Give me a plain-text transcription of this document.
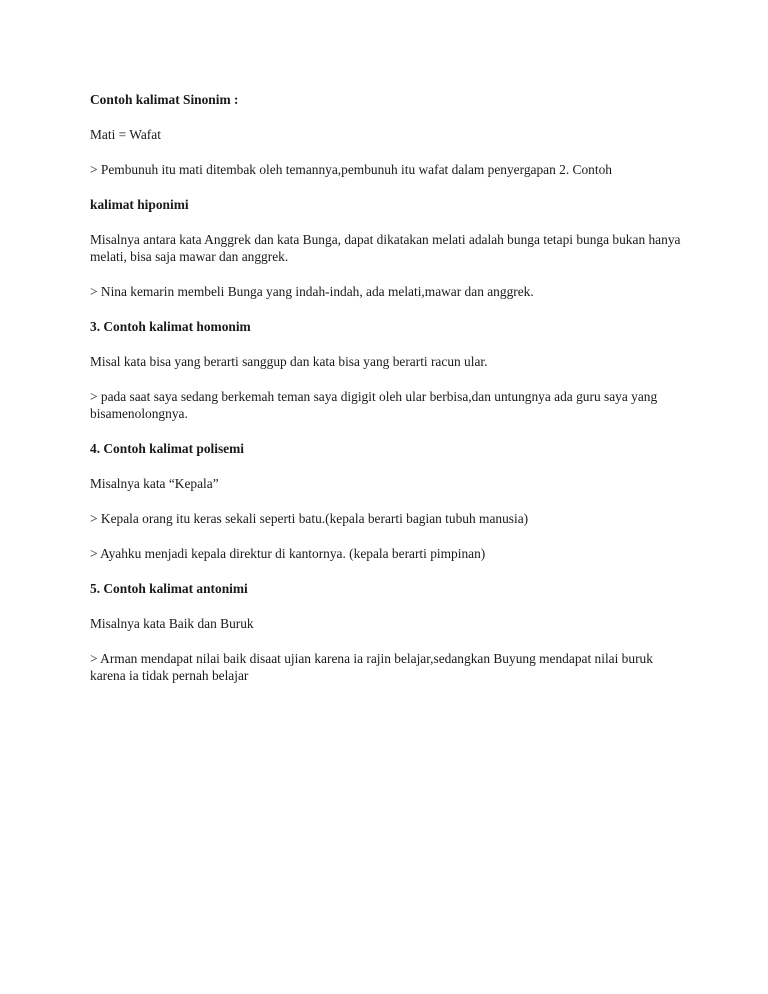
Contoh kalimat Sinonim :

Mati = Wafat

> Pembunuh itu mati ditembak oleh temannya,pembunuh itu wafat dalam penyergapan 2. Contoh

kalimat hiponimi

Misalnya antara kata Anggrek dan kata Bunga, dapat dikatakan melati adalah bunga tetapi bunga bukan hanya melati, bisa saja mawar dan anggrek.

> Nina kemarin membeli Bunga yang indah-indah, ada melati,mawar dan anggrek.

3. Contoh kalimat homonim

Misal kata bisa yang berarti sanggup dan kata bisa yang berarti racun ular.

> pada saat saya sedang berkemah teman saya digigit oleh ular berbisa,dan untungnya ada guru saya yang bisamenolongnya.

4. Contoh kalimat polisemi

Misalnya kata “Kepala”

> Kepala orang itu keras sekali seperti batu.(kepala berarti bagian tubuh manusia)

> Ayahku menjadi kepala direktur di kantornya. (kepala berarti pimpinan)

5. Contoh kalimat antonimi

Misalnya kata Baik dan Buruk

> Arman mendapat nilai baik disaat ujian karena ia rajin belajar,sedangkan Buyung mendapat nilai buruk karena ia tidak pernah belajar
